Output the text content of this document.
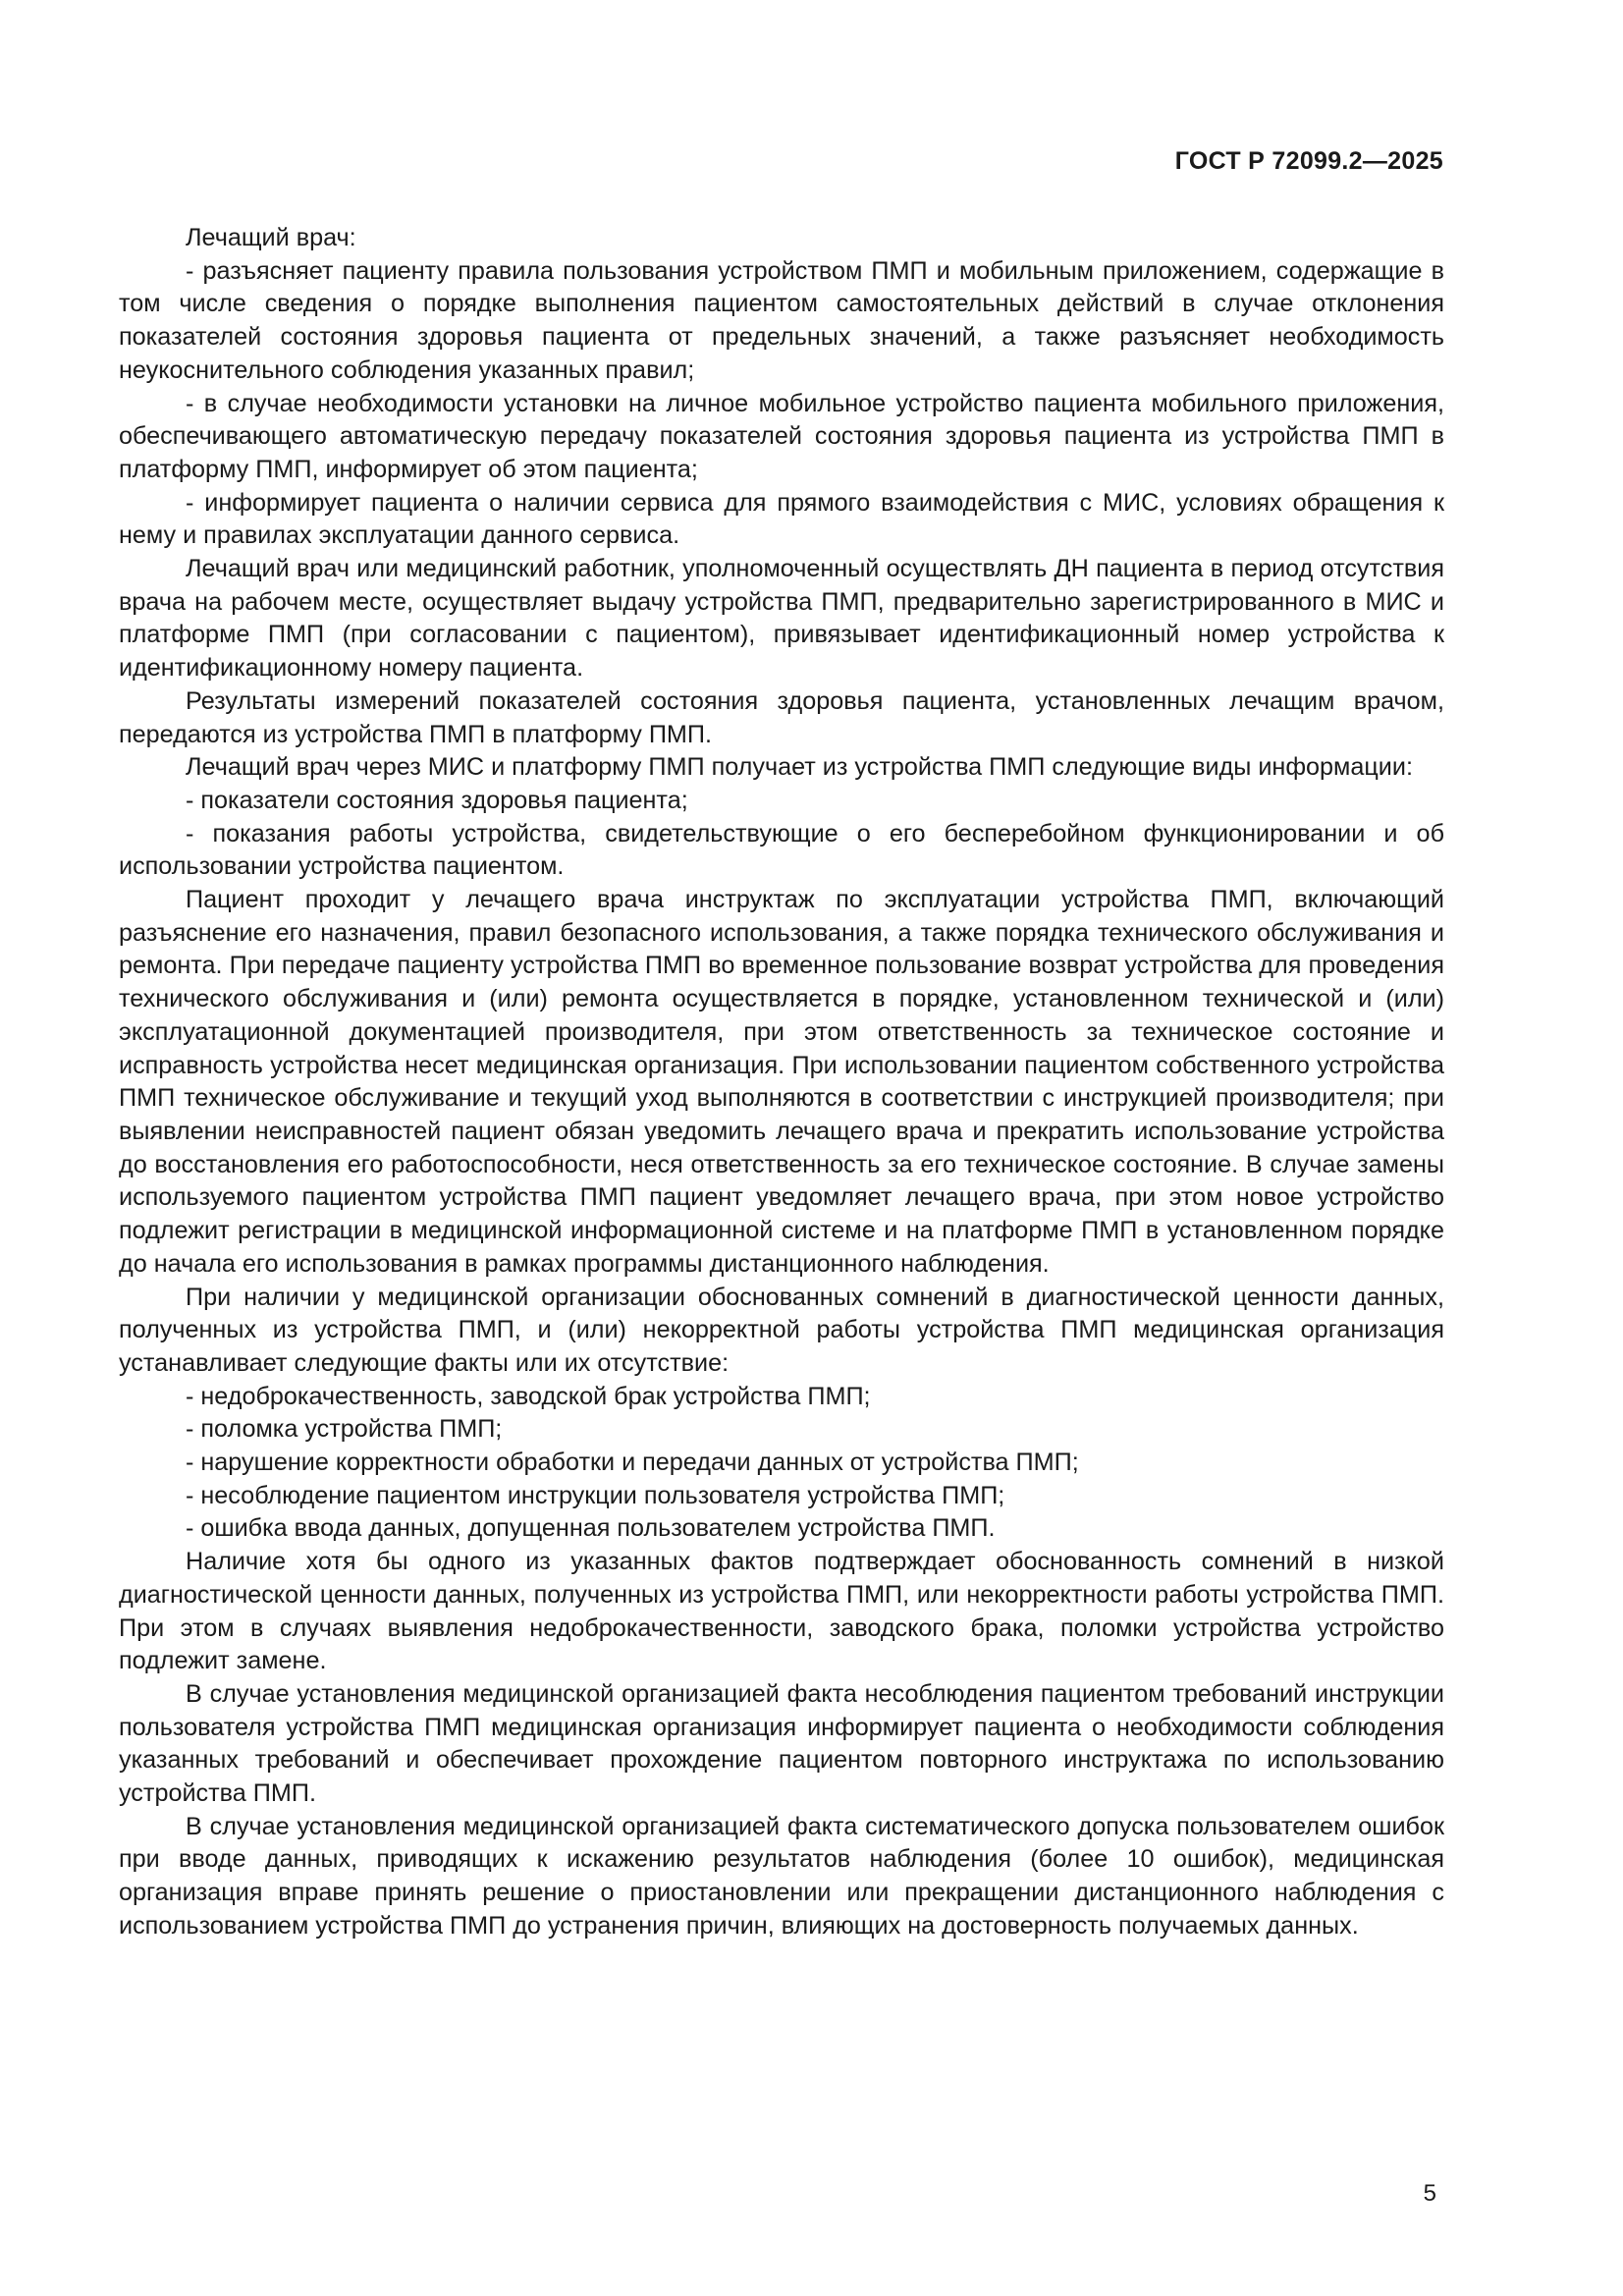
ГОСТ Р 72099.2—2025

Лечащий врач:

- разъясняет пациенту правила пользования устройством ПМП и мобильным приложением, содержащие в том числе сведения о порядке выполнения пациентом самостоятельных действий в случае отклонения показателей состояния здоровья пациента от предельных значений, а также разъясняет необходимость неукоснительного соблюдения указанных правил;

- в случае необходимости установки на личное мобильное устройство пациента мобильного приложения, обеспечивающего автоматическую передачу показателей состояния здоровья пациента из устройства ПМП в платформу ПМП, информирует об этом пациента;

- информирует пациента о наличии сервиса для прямого взаимодействия с МИС, условиях обращения к нему и правилах эксплуатации данного сервиса.

Лечащий врач или медицинский работник, уполномоченный осуществлять ДН пациента в период отсутствия врача на рабочем месте, осуществляет выдачу устройства ПМП, предварительно зарегистрированного в МИС и платформе ПМП (при согласовании с пациентом), привязывает идентификационный номер устройства к идентификационному номеру пациента.

Результаты измерений показателей состояния здоровья пациента, установленных лечащим врачом, передаются из устройства ПМП в платформу ПМП.

Лечащий врач через МИС и платформу ПМП получает из устройства ПМП следующие виды информации:

- показатели состояния здоровья пациента;

- показания работы устройства, свидетельствующие о его бесперебойном функционировании и об использовании устройства пациентом.

Пациент проходит у лечащего врача инструктаж по эксплуатации устройства ПМП, включающий разъяснение его назначения, правил безопасного использования, а также порядка технического обслуживания и ремонта. При передаче пациенту устройства ПМП во временное пользование возврат устройства для проведения технического обслуживания и (или) ремонта осуществляется в порядке, установленном технической и (или) эксплуатационной документацией производителя, при этом ответственность за техническое состояние и исправность устройства несет медицинская организация. При использовании пациентом собственного устройства ПМП техническое обслуживание и текущий уход выполняются в соответствии с инструкцией производителя; при выявлении неисправностей пациент обязан уведомить лечащего врача и прекратить использование устройства до восстановления его работоспособности, неся ответственность за его техническое состояние. В случае замены используемого пациентом устройства ПМП пациент уведомляет лечащего врача, при этом новое устройство подлежит регистрации в медицинской информационной системе и на платформе ПМП в установленном порядке до начала его использования в рамках программы дистанционного наблюдения.

При наличии у медицинской организации обоснованных сомнений в диагностической ценности данных, полученных из устройства ПМП, и (или) некорректной работы устройства ПМП медицинская организация устанавливает следующие факты или их отсутствие:

- недоброкачественность, заводской брак устройства ПМП;

- поломка устройства ПМП;

- нарушение корректности обработки и передачи данных от устройства ПМП;

- несоблюдение пациентом инструкции пользователя устройства ПМП;

- ошибка ввода данных, допущенная пользователем устройства ПМП.

Наличие хотя бы одного из указанных фактов подтверждает обоснованность сомнений в низкой диагностической ценности данных, полученных из устройства ПМП, или некорректности работы устройства ПМП. При этом в случаях выявления недоброкачественности, заводского брака, поломки устройства устройство подлежит замене.

В случае установления медицинской организацией факта несоблюдения пациентом требований инструкции пользователя устройства ПМП медицинская организация информирует пациента о необходимости соблюдения указанных требований и обеспечивает прохождение пациентом повторного инструктажа по использованию устройства ПМП.

В случае установления медицинской организацией факта систематического допуска пользователем ошибок при вводе данных, приводящих к искажению результатов наблюдения (более 10 ошибок), медицинская организация вправе принять решение о приостановлении или прекращении дистанционного наблюдения с использованием устройства ПМП до устранения причин, влияющих на достоверность получаемых данных.

5
